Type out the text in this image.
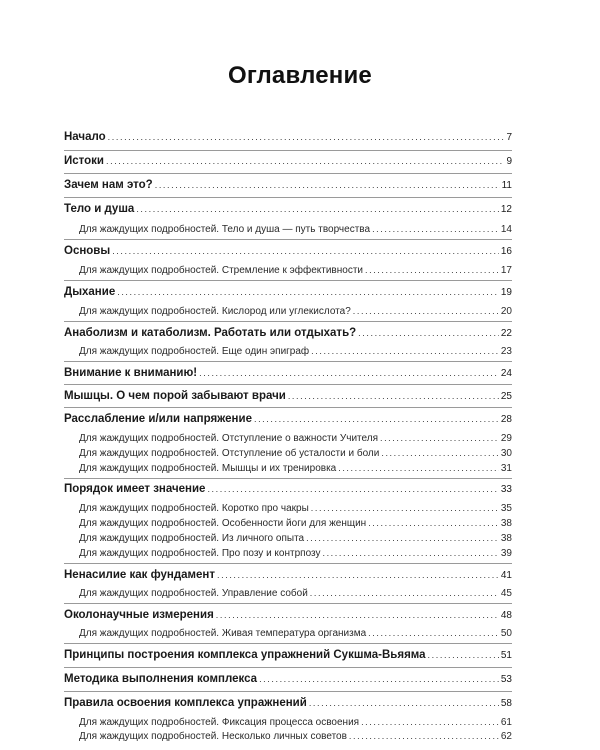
Оглавление
Начало .....	7
Истоки .....	9
Зачем нам это? .....	11
Тело и душа .....	12
Для жаждущих подробностей. Тело и душа — путь творчества .....	14
Основы .....	16
Для жаждущих подробностей. Стремление к эффективности .....	17
Дыхание .....	19
Для жаждущих подробностей. Кислород или углекислота? .....	20
Анаболизм и катаболизм. Работать или отдыхать? .....	22
Для жаждущих подробностей. Еще один эпиграф .....	23
Внимание к вниманию! .....	24
Мышцы. О чем порой забывают врачи .....	25
Расслабление и/или напряжение .....	28
Для жаждущих подробностей. Отступление о важности Учителя .....	29
Для жаждущих подробностей. Отступление об усталости и боли .....	30
Для жаждущих подробностей. Мышцы и их тренировка .....	31
Порядок имеет значение .....	33
Для жаждущих подробностей. Коротко про чакры .....	35
Для жаждущих подробностей. Особенности йоги для женщин .....	38
Для жаждущих подробностей. Из личного опыта .....	38
Для жаждущих подробностей. Про позу и контрпозу .....	39
Ненасилие как фундамент .....	41
Для жаждущих подробностей. Управление собой .....	45
Околонаучные измерения .....	48
Для жаждущих подробностей. Живая температура организма .....	50
Принципы построения комплекса упражнений Сукшма-Вьяяма .....	51
Методика выполнения комплекса .....	53
Правила освоения комплекса упражнений .....	58
Для жаждущих подробностей. Фиксация процесса освоения .....	61
Для жаждущих подробностей. Несколько личных советов .....	62
